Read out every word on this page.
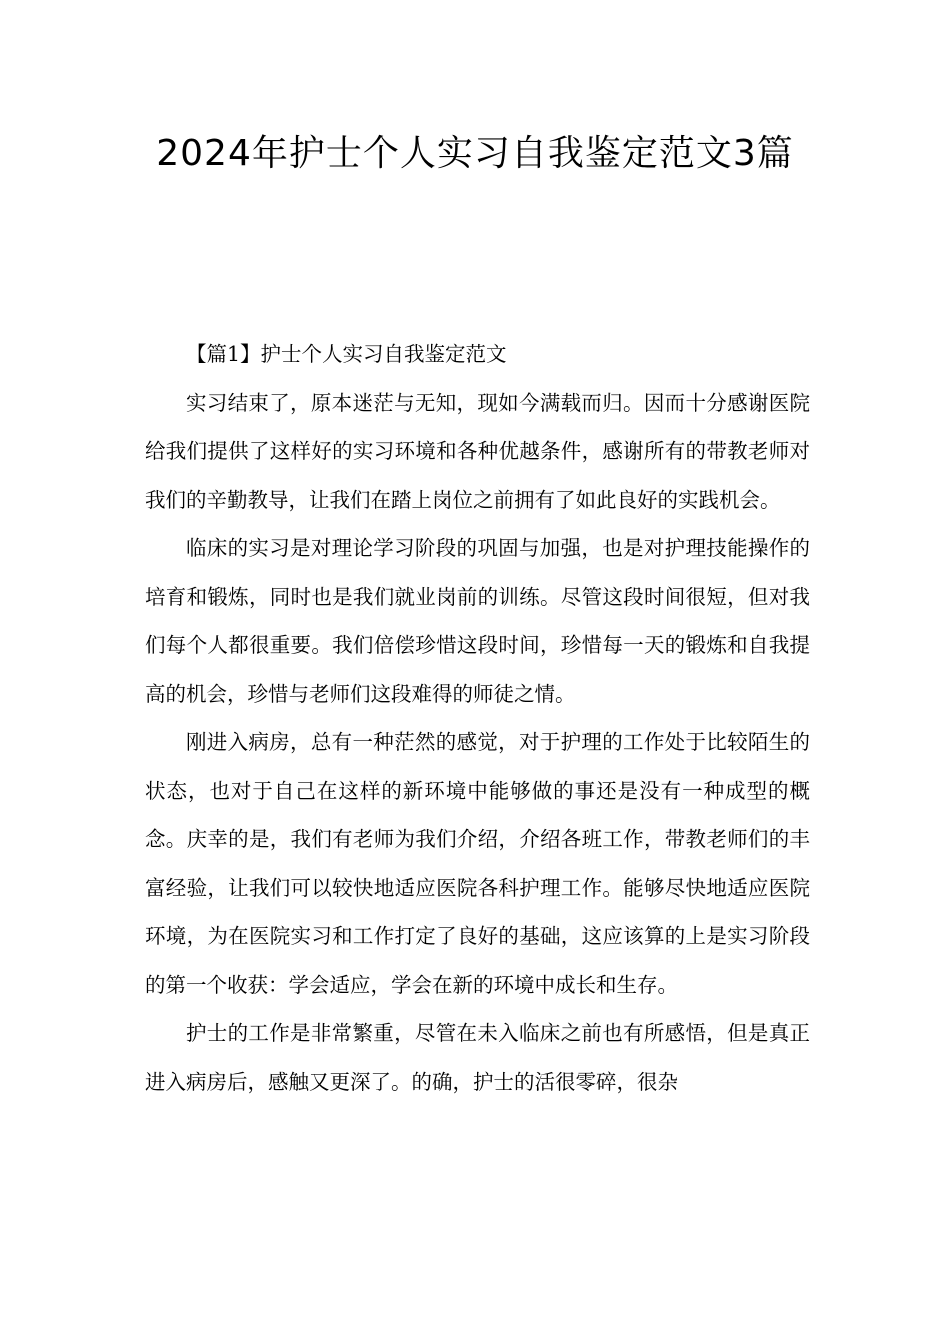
2024年护士个人实习自我鉴定范文3篇
【篇1】护士个人实习自我鉴定范文

实习结束了，原本迷茫与无知，现如今满载而归。因而十分感谢医院给我们提供了这样好的实习环境和各种优越条件，感谢所有的带教老师对我们的辛勤教导，让我们在踏上岗位之前拥有了如此良好的实践机会。

临床的实习是对理论学习阶段的巩固与加强，也是对护理技能操作的培育和锻炼，同时也是我们就业岗前的训练。尽管这段时间很短，但对我们每个人都很重要。我们倍偿珍惜这段时间，珍惜每一天的锻炼和自我提高的机会，珍惜与老师们这段难得的师徒之情。

刚进入病房，总有一种茫然的感觉，对于护理的工作处于比较陌生的状态，也对于自己在这样的新环境中能够做的事还是没有一种成型的概念。庆幸的是，我们有老师为我们介绍，介绍各班工作，带教老师们的丰富经验，让我们可以较快地适应医院各科护理工作。能够尽快地适应医院环境，为在医院实习和工作打定了良好的基础，这应该算的上是实习阶段的第一个收获：学会适应，学会在新的环境中成长和生存。

护士的工作是非常繁重，尽管在未入临床之前也有所感悟，但是真正进入病房后，感触又更深了。的确，护士的活很零碎，很杂
